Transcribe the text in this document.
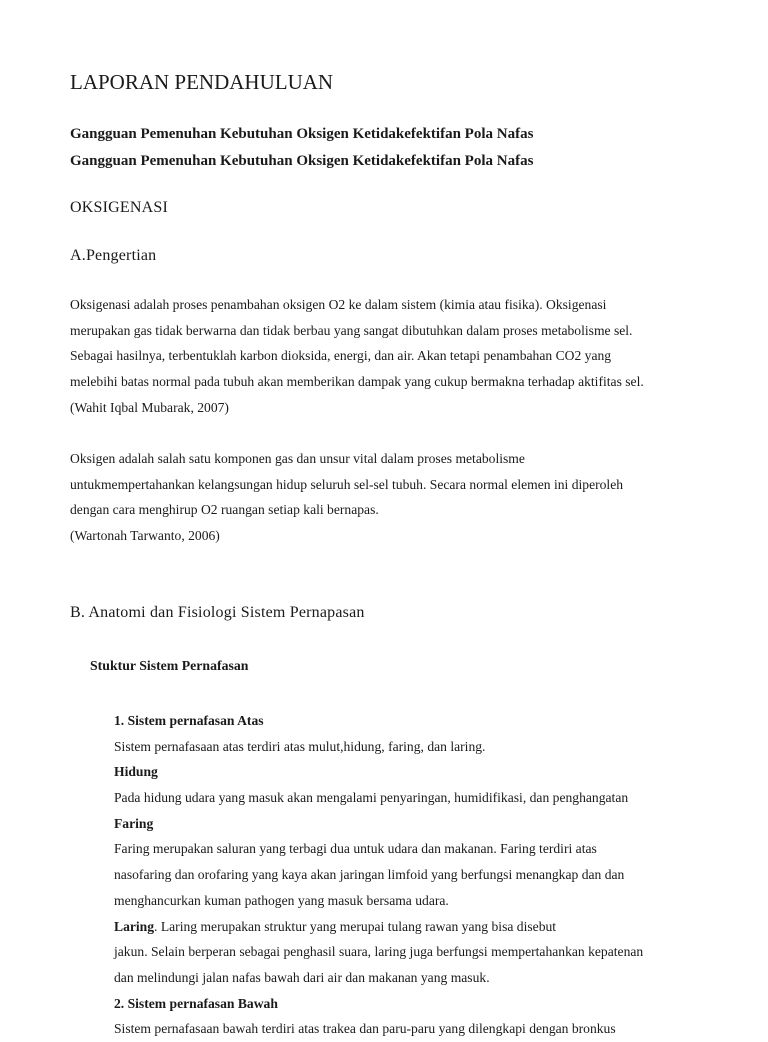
LAPORAN PENDAHULUAN
Gangguan Pemenuhan Kebutuhan Oksigen Ketidakefektifan Pola Nafas
Gangguan Pemenuhan Kebutuhan Oksigen Ketidakefektifan Pola Nafas
OKSIGENASI
A.Pengertian
Oksigenasi adalah proses penambahan oksigen O2 ke dalam sistem (kimia atau fisika). Oksigenasi
merupakan gas tidak berwarna dan tidak berbau yang sangat dibutuhkan dalam proses metabolisme sel.
Sebagai hasilnya, terbentuklah karbon dioksida, energi, dan air. Akan tetapi penambahan CO2 yang
melebihi batas normal pada tubuh akan memberikan dampak yang cukup bermakna terhadap aktifitas sel.
(Wahit Iqbal Mubarak, 2007)
Oksigen adalah salah satu komponen gas dan unsur vital dalam proses metabolisme
untukmempertahankan kelangsungan hidup seluruh sel-sel tubuh. Secara normal elemen ini diperoleh
dengan cara menghirup O2 ruangan setiap kali bernapas.
(Wartonah Tarwanto, 2006)
B. Anatomi dan Fisiologi Sistem Pernapasan
Stuktur Sistem Pernafasan
1. Sistem pernafasan Atas
Sistem pernafasaan atas terdiri atas mulut,hidung, faring, dan laring.
Hidung
Pada hidung udara yang masuk akan mengalami penyaringan, humidifikasi, dan penghangatan
Faring
Faring merupakan saluran yang terbagi dua untuk udara dan makanan. Faring terdiri atas
nasofaring dan orofaring yang kaya akan jaringan limfoid yang berfungsi menangkap dan dan
menghancurkan kuman pathogen yang masuk bersama udara.
Laring. Laring merupakan struktur yang merupai tulang rawan yang bisa disebut
jakun. Selain berperan sebagai penghasil suara, laring juga berfungsi mempertahankan kepatenan
dan melindungi jalan nafas bawah dari air dan makanan yang masuk.
2. Sistem pernafasan Bawah
Sistem pernafasaan bawah terdiri atas trakea dan paru-paru yang dilengkapi dengan bronkus
